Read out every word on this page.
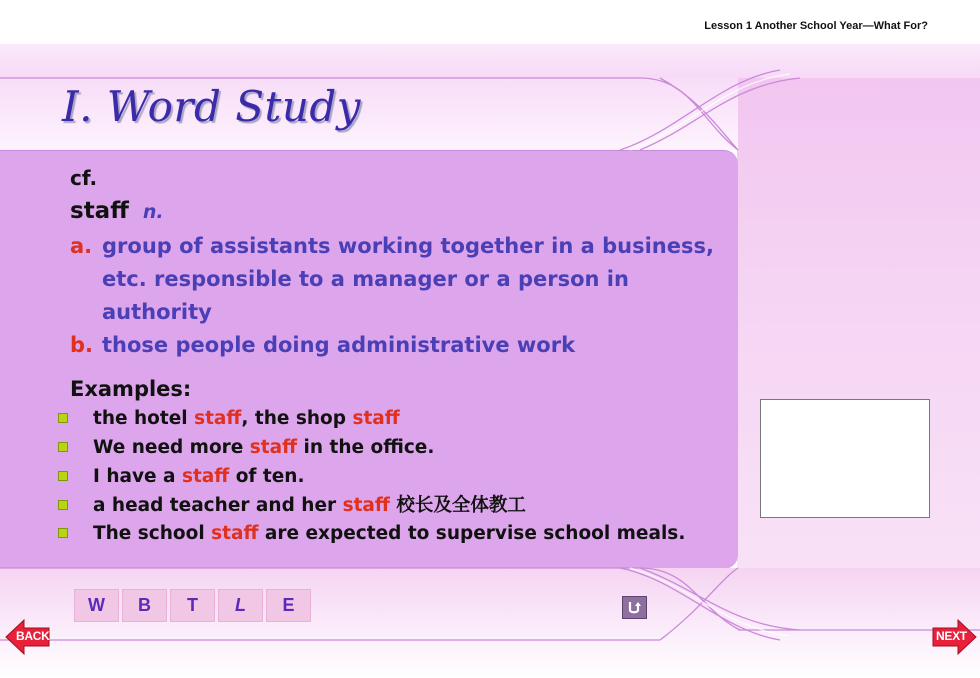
Lesson 1 Another School Year—What For?
I. Word Study
cf.
staff n.
a. group of assistants working together in a business, etc. responsible to a manager or a person in authority
b. those people doing administrative work
Examples:
the hotel staff, the shop staff
We need more staff in the office.
I have a staff of ten.
a head teacher and her staff 校长及全体教工
The school staff are expected to supervise school meals.
W	B	T	L	E
BACK	NEXT
